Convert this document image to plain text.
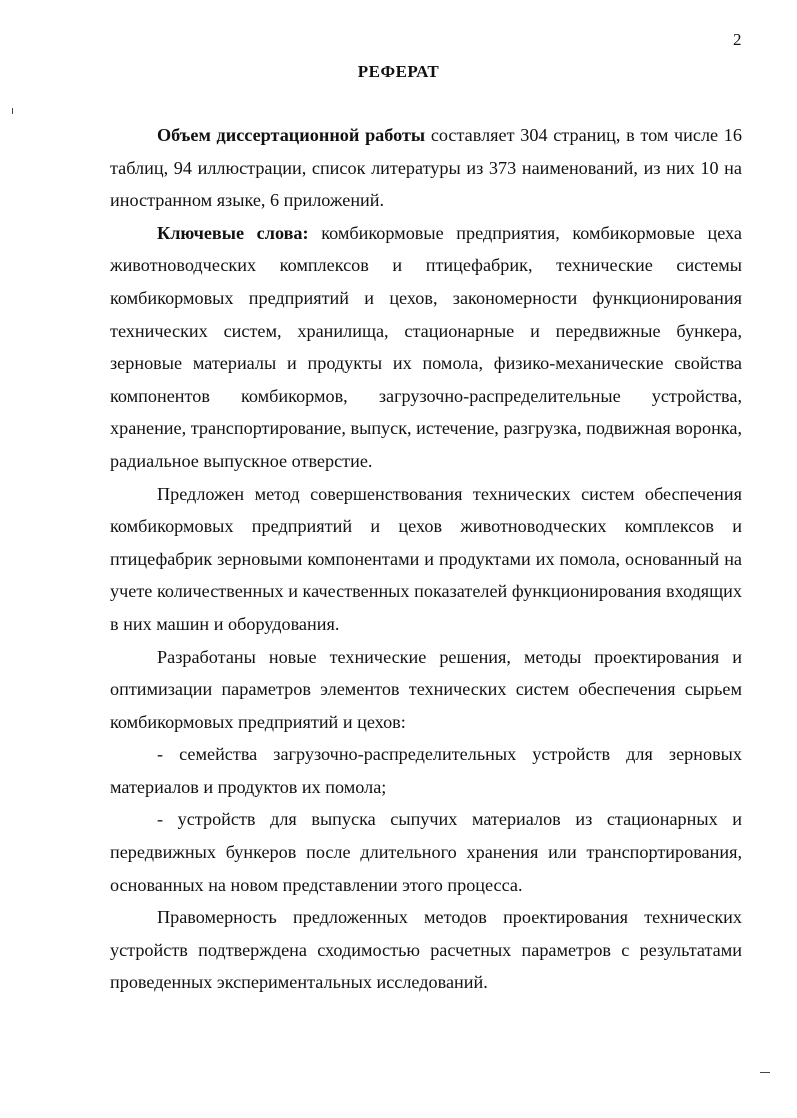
2
РЕФЕРАТ

Объем диссертационной работы составляет 304 страниц, в том числе 16 таблиц, 94 иллюстрации, список литературы из 373 наименований, из них 10 на иностранном языке, 6 приложений.

Ключевые слова: комбикормовые предприятия, комбикормовые цеха животноводческих комплексов и птицефабрик, технические системы комбикормовых предприятий и цехов, закономерности функционирования технических систем, хранилища, стационарные и передвижные бункера, зерновые материалы и продукты их помола, физико-механические свойства компонентов комбикормов, загрузочно-распределительные устройства, хранение, транспортирование, выпуск, истечение, разгрузка, подвижная воронка, радиальное выпускное отверстие.

Предложен метод совершенствования технических систем обеспечения комбикормовых предприятий и цехов животноводческих комплексов и птицефабрик зерновыми компонентами и продуктами их помола, основанный на учете количественных и качественных показателей функционирования входящих в них машин и оборудования.

Разработаны новые технические решения, методы проектирования и оптимизации параметров элементов технических систем обеспечения сырьем комбикормовых предприятий и цехов:

- семейства загрузочно-распределительных устройств для зерновых материалов и продуктов их помола;

- устройств для выпуска сыпучих материалов из стационарных и передвижных бункеров после длительного хранения или транспортирования, основанных на новом представлении этого процесса.

Правомерность предложенных методов проектирования технических устройств подтверждена сходимостью расчетных параметров с результатами проведенных экспериментальных исследований.
